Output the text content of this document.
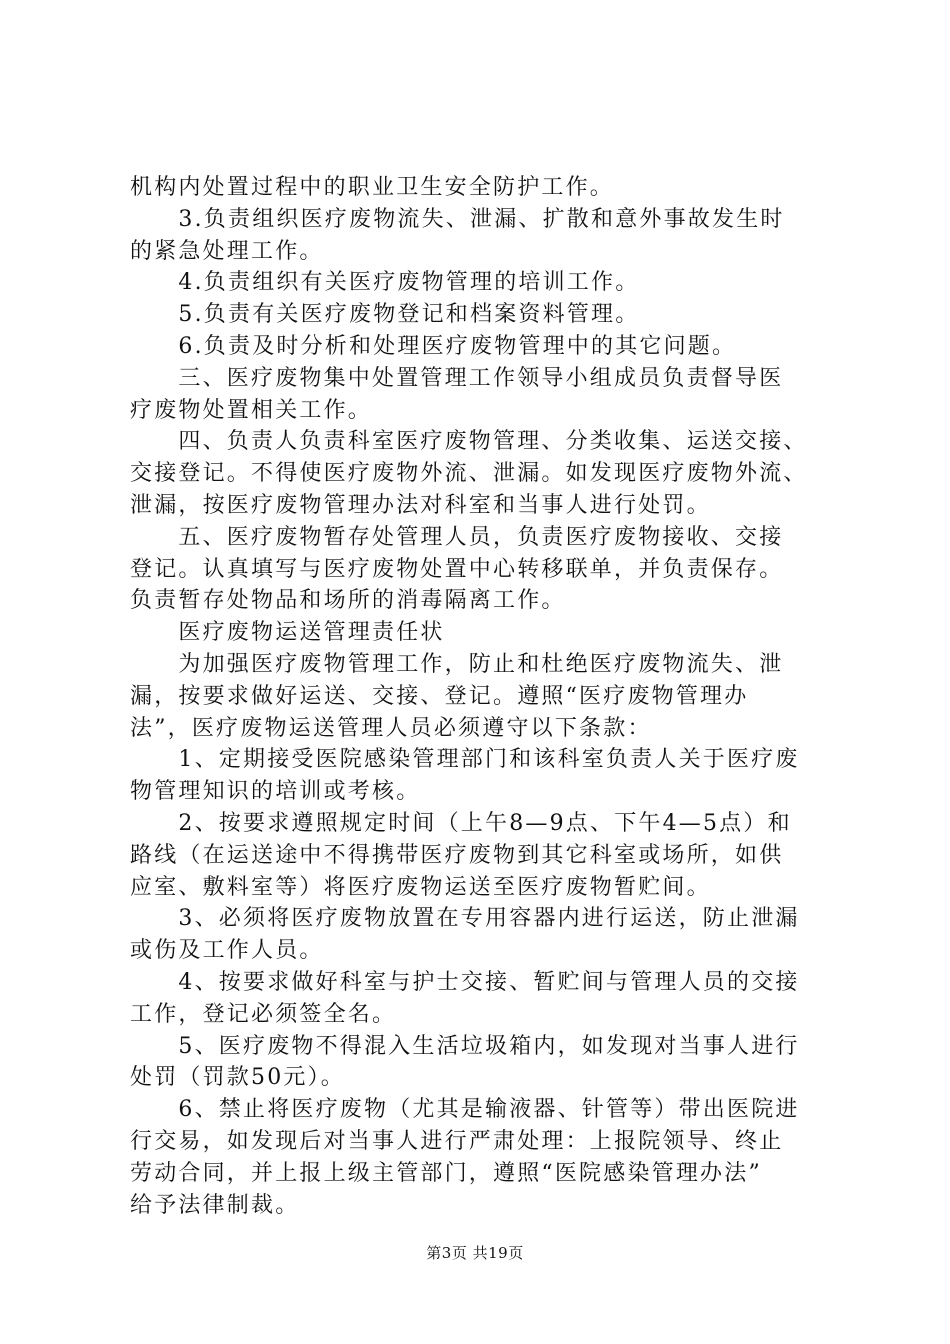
机构内处置过程中的职业卫生安全防护工作。
　　3.负责组织医疗废物流失、泄漏、扩散和意外事故发生时
的紧急处理工作。
　　4.负责组织有关医疗废物管理的培训工作。
　　5.负责有关医疗废物登记和档案资料管理。
　　6.负责及时分析和处理医疗废物管理中的其它问题。
　　三、医疗废物集中处置管理工作领导小组成员负责督导医
疗废物处置相关工作。
　　四、负责人负责科室医疗废物管理、分类收集、运送交接、
交接登记。不得使医疗废物外流、泄漏。如发现医疗废物外流、
泄漏，按医疗废物管理办法对科室和当事人进行处罚。
　　五、医疗废物暂存处管理人员，负责医疗废物接收、交接
登记。认真填写与医疗废物处置中心转移联单，并负责保存。
负责暂存处物品和场所的消毒隔离工作。
　　医疗废物运送管理责任状
　　为加强医疗废物管理工作，防止和杜绝医疗废物流失、泄
漏，按要求做好运送、交接、登记。遵照“医疗废物管理办
法”，医疗废物运送管理人员必须遵守以下条款：
　　1、定期接受医院感染管理部门和该科室负责人关于医疗废
物管理知识的培训或考核。
　　2、按要求遵照规定时间（上午8—9点、下午4—5点）和
路线（在运送途中不得携带医疗废物到其它科室或场所，如供
应室、敷料室等）将医疗废物运送至医疗废物暂贮间。
　　3、必须将医疗废物放置在专用容器内进行运送，防止泄漏
或伤及工作人员。
　　4、按要求做好科室与护士交接、暂贮间与管理人员的交接
工作，登记必须签全名。
　　5、医疗废物不得混入生活垃圾箱内，如发现对当事人进行
处罚（罚款50元）。
　　6、禁止将医疗废物（尤其是输液器、针管等）带出医院进
行交易，如发现后对当事人进行严肃处理：上报院领导、终止
劳动合同，并上报上级主管部门，遵照“医院感染管理办法”
给予法律制裁。
第3页 共19页
